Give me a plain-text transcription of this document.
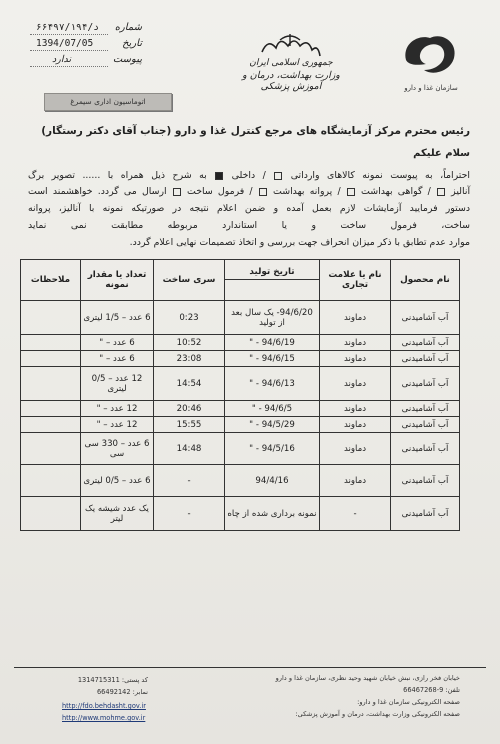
سازمان غذا و دارو
جمهوری اسلامی ایران
وزارت بهداشت، درمان و آموزش پزشکی
۶۶۴۹۷/۱۹۴/د شماره
1394/07/05	تاریخ
ندارد	پیوست
اتوماسیون اداری سیمرغ
رئیس محترم مرکز آزمایشگاه های مرجع کنترل غذا و دارو (جناب آقای دکتر رستگار)
سلام علیکم
احتراماً، به پیوست نمونه کالاهای وارداتی  / داخلی  به شرح ذیل همراه با ...... تصویر برگ
آنالیز  / گواهی بهداشت  / پروانه بهداشت  / فرمول ساخت  ارسال می گردد. خواهشمند است
دستور فرمایید آزمایشات لازم بعمل آمده و ضمن اعلام نتیجه در صورتیکه نمونه با آنالیز، پروانه
ساخت، فرمول ساخت و یا استاندارد مربوطه مطابقت نمی نماید
موارد عدم تطابق با ذکر میزان انحراف جهت بررسی و اتخاذ تصمیمات نهایی اعلام گردد.
نام محصول	نام یا علامت تجاری	تاریخ تولید	سری ساخت	تعداد یا مقدار نمونه	ملاحظات
آب آشامیدنی	دماوند	94/6/20- یک سال بعد از تولید	0:23	6 عدد – 1/5 لیتری	
آب آشامیدنی	دماوند	94/6/19 - "	10:52	6 عدد – "	
آب آشامیدنی	دماوند	94/6/15 - "	23:08	6 عدد – "	
آب آشامیدنی	دماوند	94/6/13 - "	14:54	12 عدد – 0/5 لیتری	
آب آشامیدنی	دماوند	94/6/5 - "	20:46	12 عدد – "	
آب آشامیدنی	دماوند	94/5/29 - "	15:55	12 عدد – "	
آب آشامیدنی	دماوند	94/5/16 - "	14:48	6 عدد – 330 سی سی	
آب آشامیدنی	دماوند	94/4/16	-	6 عدد – 0/5 لیتری	
آب آشامیدنی	-	نمونه برداری شده از چاه	-	یک عدد شیشه یک لیتر	
خیابان فخر رازی، نبش خیابان شهید وحید نظری، سازمان غذا و دارو
تلفن: 9-66467268
صفحه الکترونیکی سازمان غذا و دارو:
صفحه الکترونیکی وزارت بهداشت، درمان و آموزش پزشکی:
کد پستی: 1314715311
نمابر: 66492142
http://fdo.behdasht.gov.ir
http://www.mohme.gov.ir
